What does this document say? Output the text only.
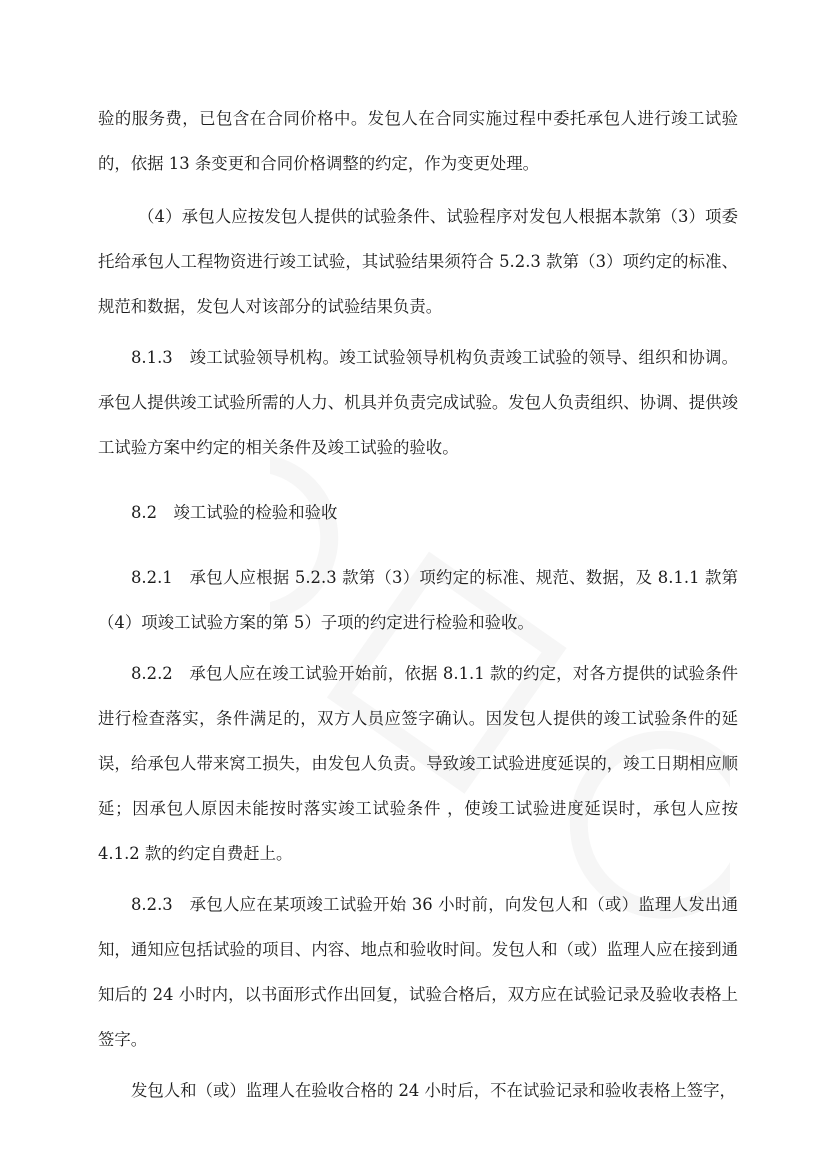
验的服务费，已包含在合同价格中。发包人在合同实施过程中委托承包人进行竣工试验的，依据 13 条变更和合同价格调整的约定，作为变更处理。

（4）承包人应按发包人提供的试验条件、试验程序对发包人根据本款第（3）项委托给承包人工程物资进行竣工试验，其试验结果须符合 5.2.3 款第（3）项约定的标准、规范和数据，发包人对该部分的试验结果负责。

8.1.3　竣工试验领导机构。竣工试验领导机构负责竣工试验的领导、组织和协调。承包人提供竣工试验所需的人力、机具并负责完成试验。发包人负责组织、协调、提供竣工试验方案中约定的相关条件及竣工试验的验收。

8.2　竣工试验的检验和验收

8.2.1　承包人应根据 5.2.3 款第（3）项约定的标准、规范、数据，及 8.1.1 款第（4）项竣工试验方案的第 5）子项的约定进行检验和验收。

8.2.2　承包人应在竣工试验开始前，依据 8.1.1 款的约定，对各方提供的试验条件进行检查落实，条件满足的，双方人员应签字确认。因发包人提供的竣工试验条件的延误，给承包人带来窝工损失，由发包人负责。导致竣工试验进度延误的，竣工日期相应顺延；因承包人原因未能按时落实竣工试验条件 ，使竣工试验进度延误时，承包人应按 4.1.2 款的约定自费赶上。

8.2.3　承包人应在某项竣工试验开始 36 小时前，向发包人和（或）监理人发出通知，通知应包括试验的项目、内容、地点和验收时间。发包人和（或）监理人应在接到通知后的 24 小时内，以书面形式作出回复，试验合格后，双方应在试验记录及验收表格上签字。

发包人和（或）监理人在验收合格的 24 小时后，不在试验记录和验收表格上签字，
